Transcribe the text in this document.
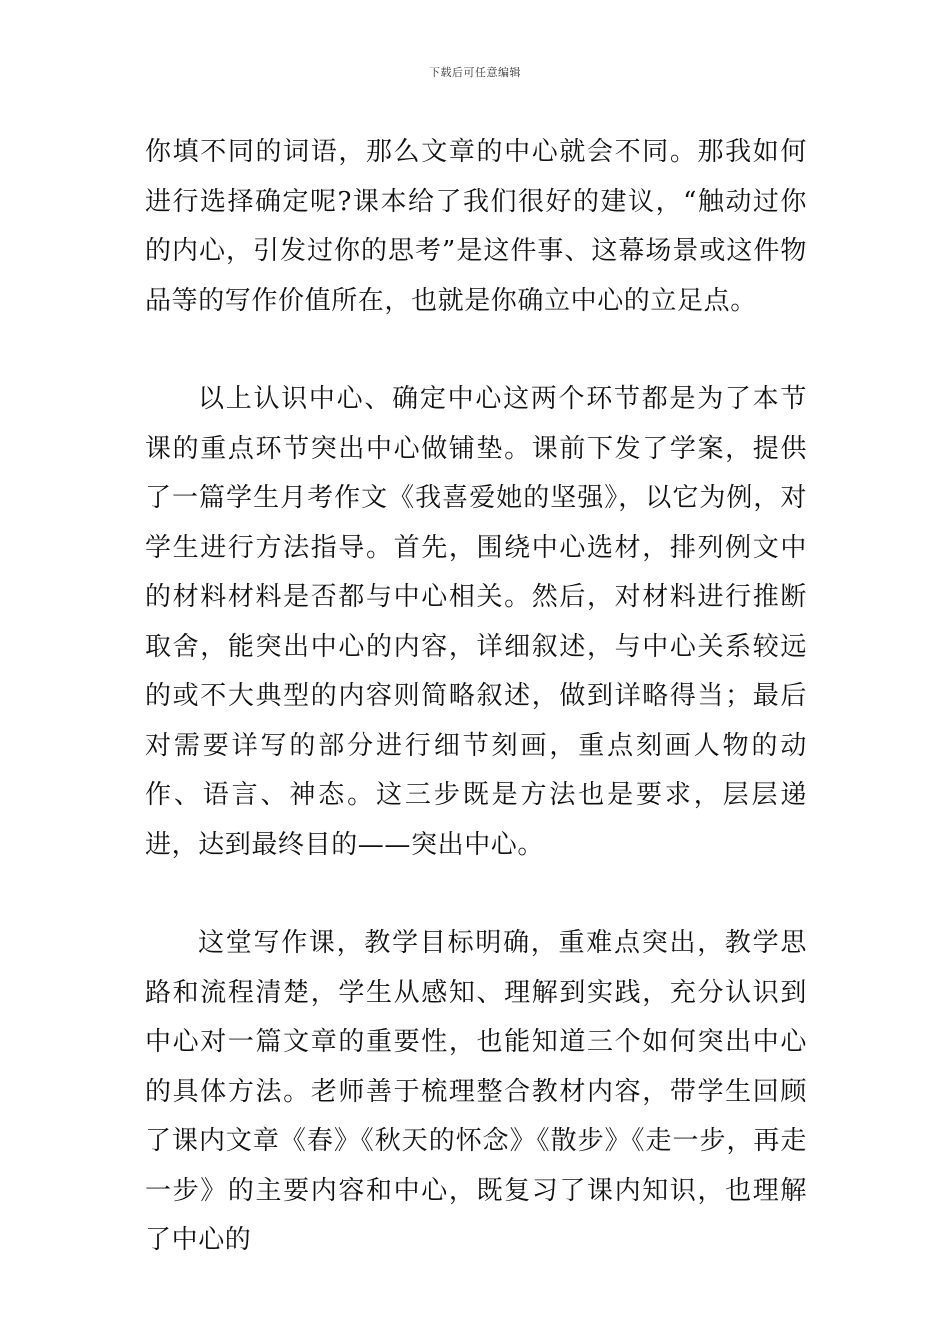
下载后可任意编辑

你填不同的词语，那么文章的中心就会不同。那我如何进行选择确定呢?课本给了我们很好的建议，“触动过你的内心，引发过你的思考”是这件事、这幕场景或这件物品等的写作价值所在，也就是你确立中心的立足点。

以上认识中心、确定中心这两个环节都是为了本节课的重点环节突出中心做铺垫。课前下发了学案，提供了一篇学生月考作文《我喜爱她的坚强》，以它为例，对学生进行方法指导。首先，围绕中心选材，排列例文中的材料材料是否都与中心相关。然后，对材料进行推断取舍，能突出中心的内容，详细叙述，与中心关系较远的或不大典型的内容则简略叙述，做到详略得当；最后对需要详写的部分进行细节刻画，重点刻画人物的动作、语言、神态。这三步既是方法也是要求，层层递进，达到最终目的——突出中心。

这堂写作课，教学目标明确，重难点突出，教学思路和流程清楚，学生从感知、理解到实践，充分认识到中心对一篇文章的重要性，也能知道三个如何突出中心的具体方法。老师善于梳理整合教材内容，带学生回顾了课内文章《春》《秋天的怀念》《散步》《走一步，再走一步》的主要内容和中心，既复习了课内知识，也理解了中心的
